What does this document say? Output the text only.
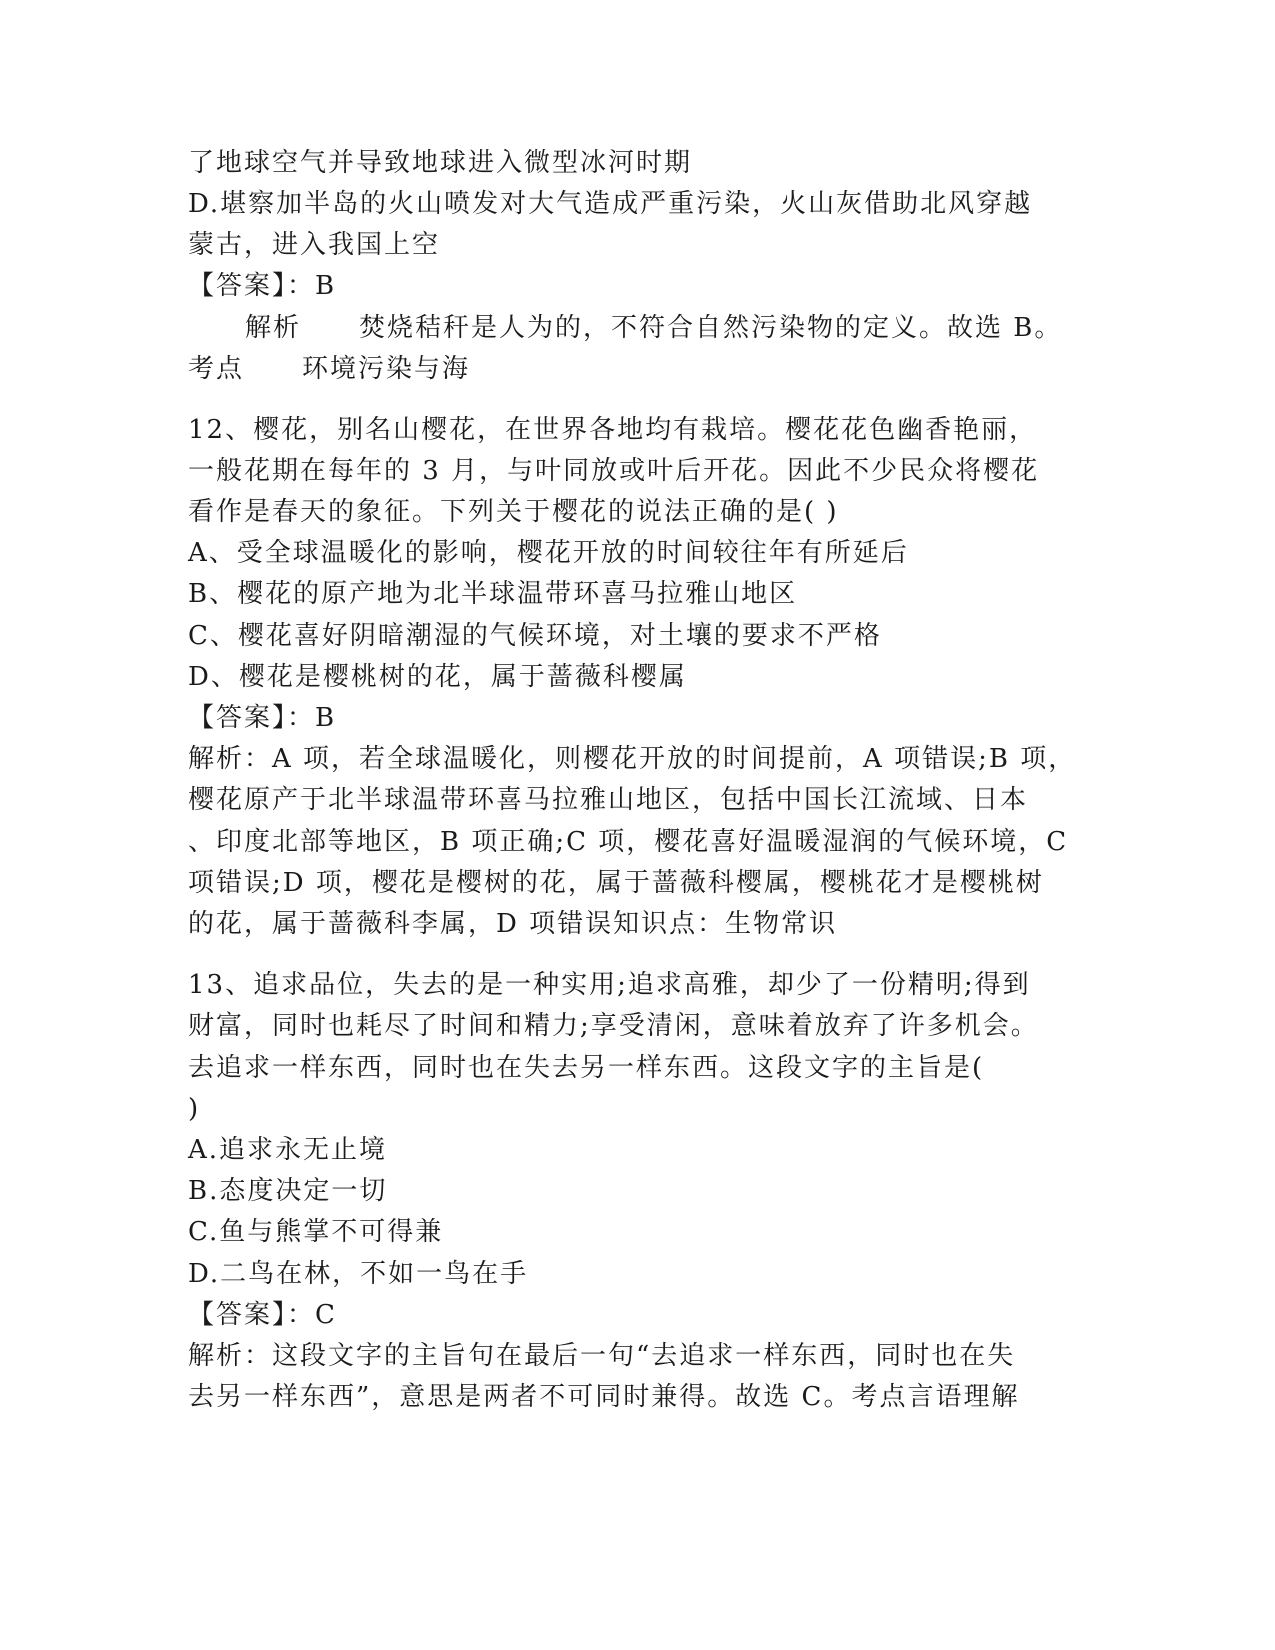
了地球空气并导致地球进入微型冰河时期
D.堪察加半岛的火山喷发对大气造成严重污染，火山灰借助北风穿越
蒙古，进入我国上空
【答案】：B
解析 焚烧秸秆是人为的，不符合自然污染物的定义。故选 B。
考点 环境污染与海
12、樱花，别名山樱花，在世界各地均有栽培。樱花花色幽香艳丽，
一般花期在每年的 3 月，与叶同放或叶后开花。因此不少民众将樱花
看作是春天的象征。下列关于樱花的说法正确的是( )
A、受全球温暖化的影响，樱花开放的时间较往年有所延后
B、樱花的原产地为北半球温带环喜马拉雅山地区
C、樱花喜好阴暗潮湿的气候环境，对土壤的要求不严格
D、樱花是樱桃树的花，属于蔷薇科樱属
【答案】：B
解析：A 项，若全球温暖化，则樱花开放的时间提前，A 项错误;B 项，
樱花原产于北半球温带环喜马拉雅山地区，包括中国长江流域、日本
、印度北部等地区，B 项正确;C 项，樱花喜好温暖湿润的气候环境，C
项错误;D 项，樱花是樱树的花，属于蔷薇科樱属，樱桃花才是樱桃树
的花，属于蔷薇科李属，D 项错误知识点：生物常识
13、追求品位，失去的是一种实用;追求高雅，却少了一份精明;得到
财富，同时也耗尽了时间和精力;享受清闲，意味着放弃了许多机会。
去追求一样东西，同时也在失去另一样东西。这段文字的主旨是(
)
A.追求永无止境
B.态度决定一切
C.鱼与熊掌不可得兼
D.二鸟在林，不如一鸟在手
【答案】：C
解析：这段文字的主旨句在最后一句“去追求一样东西，同时也在失
去另一样东西”，意思是两者不可同时兼得。故选 C。考点言语理解
